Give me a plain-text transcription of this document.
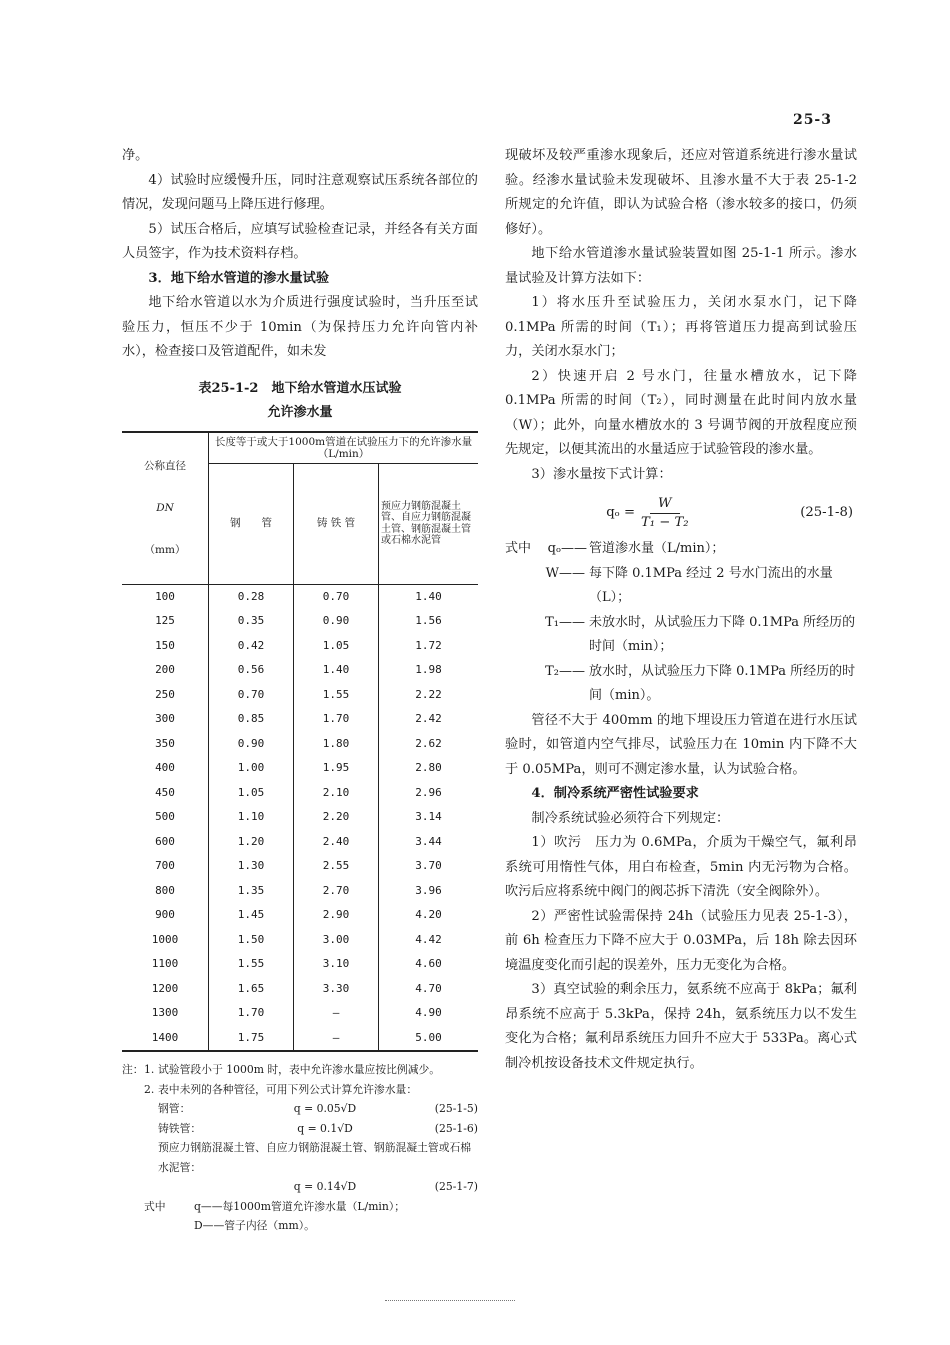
25-3

净。

4）试验时应缓慢升压，同时注意观察试压系统各部位的情况，发现问题马上降压进行修理。

5）试压合格后，应填写试验检查记录，并经各有关方面人员签字，作为技术资料存档。

3．地下给水管道的渗水量试验

地下给水管道以水为介质进行强度试验时，当升压至试验压力，恒压不少于 10min（为保持压力允许向管内补水），检查接口及管道配件，如未发

表25-1-2　地下给水管道水压试验
允许渗水量
公称直径
DN
（mm）	长度等于或大于1000m管道在试验压力下的允许渗水量（L/min）		
	钢　　管	铸 铁 管	预应力钢筋混凝土管、自应力钢筋混凝土管、钢筋混凝土管或石棉水泥管
100	0.28	0.70	1.40
125	0.35	0.90	1.56
150	0.42	1.05	1.72
200	0.56	1.40	1.98
250	0.70	1.55	2.22
300	0.85	1.70	2.42
350	0.90	1.80	2.62
400	1.00	1.95	2.80
450	1.05	2.10	2.96
500	1.10	2.20	3.14
600	1.20	2.40	3.44
700	1.30	2.55	3.70
800	1.35	2.70	3.96
900	1.45	2.90	4.20
1000	1.50	3.00	4.42
1100	1.55	3.10	4.60
1200	1.65	3.30	4.70
1300	1.70	—	4.90
1400	1.75	—	5.00
注： 1. 试验管段小于 1000m 时，表中允许渗水量应按比例减少。
2. 表中未列的各种管径，可用下列公式计算允许渗水量：
钢管：	q = 0.05√D	(25-1-5)
铸铁管：	q = 0.1√D	(25-1-6)
预应力钢筋混凝土管、自应力钢筋混凝土管、钢筋混凝土管或石棉水泥管：
q = 0.14√D	(25-1-7)
式中	q——每1000m管道允许渗水量（L/min）；
D——管子内径（mm）。

现破坏及较严重渗水现象后，还应对管道系统进行渗水量试验。经渗水量试验未发现破坏、且渗水量不大于表 25-1-2 所规定的允许值，即认为试验合格（渗水较多的接口，仍须修好）。

地下给水管道渗水量试验装置如图 25-1-1 所示。渗水量试验及计算方法如下：

1）将水压升至试验压力，关闭水泵水门，记下降 0.1MPa 所需的时间（T₁）；再将管道压力提高到试验压力，关闭水泵水门；

2）快速开启 2 号水门，往量水槽放水，记下降 0.1MPa 所需的时间（T₂），同时测量在此时间内放水量（W）；此外，向量水槽放水的 3 号调节阀的开放程度应预先规定，以便其流出的水量适应于试验管段的渗水量。

3）渗水量按下式计算：

$q_o = \frac{W}{\text{T₁ − T₂}}$	(25-1-8)
式中	qₒ—— 管道渗水量（L/min）；
W—— 每下降 0.1MPa 经过 2 号水门流出的水量（L）；
T₁—— 未放水时，从试验压力下降 0.1MPa 所经历的时间（min）；
T₂—— 放水时，从试验压力下降 0.1MPa 所经历的时间（min）。

管径不大于 400mm 的地下埋设压力管道在进行水压试验时，如管道内空气排尽，试验压力在 10min 内下降不大于 0.05MPa，则可不测定渗水量，认为试验合格。

4．制冷系统严密性试验要求

制冷系统试验必须符合下列规定：

1）吹污　压力为 0.6MPa，介质为干燥空气，氟利昂系统可用惰性气体，用白布检查，5min 内无污物为合格。吹污后应将系统中阀门的阀芯拆下清洗（安全阀除外）。

2）严密性试验需保持 24h（试验压力见表 25-1-3），前 6h 检查压力下降不应大于 0.03MPa，后 18h 除去因环境温度变化而引起的误差外，压力无变化为合格。

3）真空试验的剩余压力，氨系统不应高于 8kPa；氟利昂系统不应高于 5.3kPa，保持 24h，氨系统压力以不发生变化为合格；氟利昂系统压力回升不应大于 533Pa。离心式制冷机按设备技术文件规定执行。
